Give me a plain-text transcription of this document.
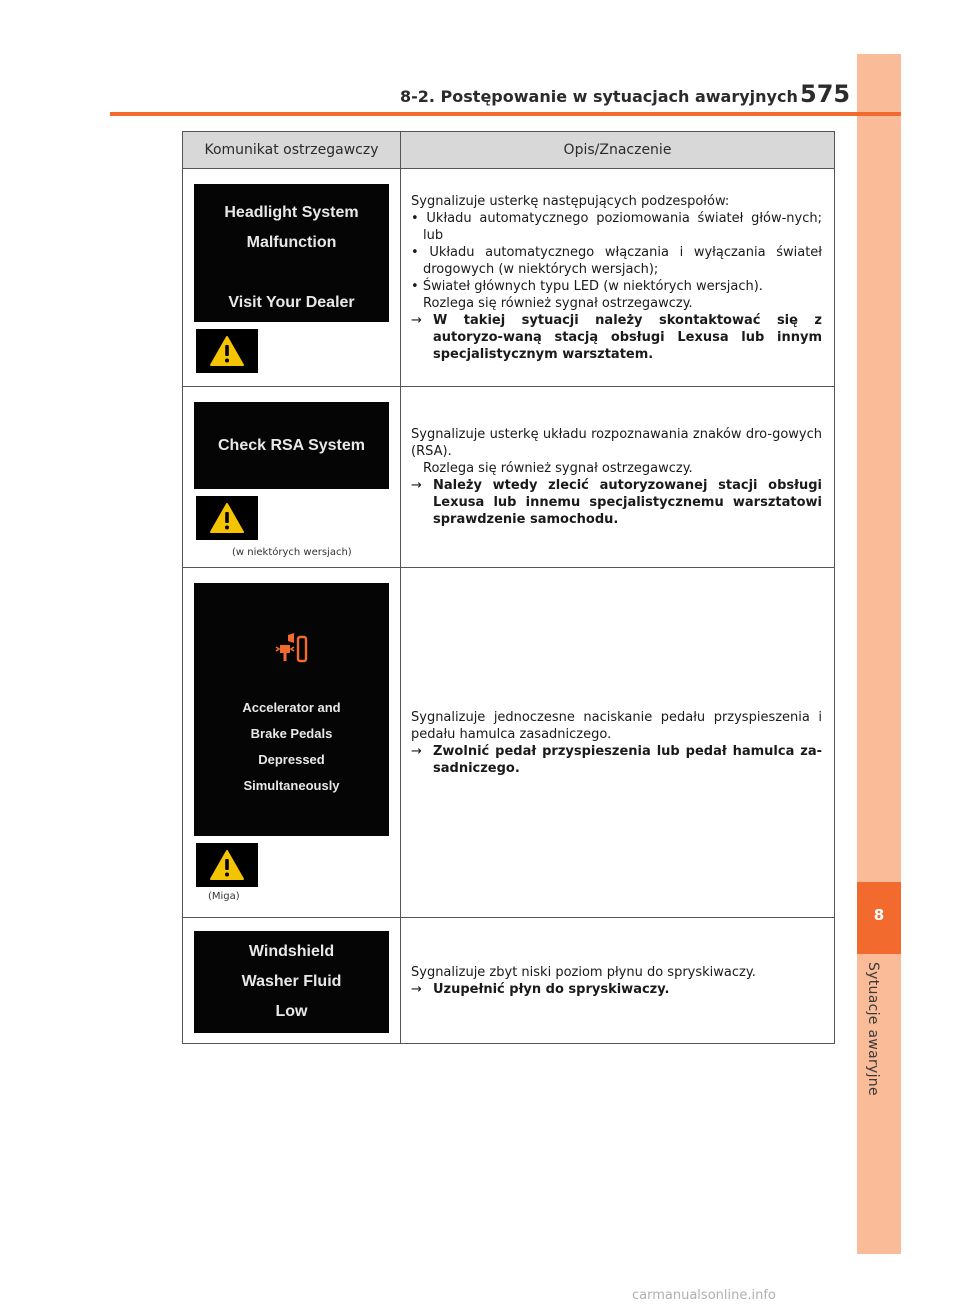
8
Sytuacje awaryjne
8-2. Postępowanie w sytuacjach awaryjnych 575
Komunikat ostrzegawczy	Opis/Znaczenie
Headlight System
Malfunction
Visit Your Dealer
Sygnalizuje usterkę następujących podzespołów:
• Układu automatycznego poziomowania świateł głów-nych; lub
• Układu automatycznego włączania i wyłączania świateł drogowych (w niektórych wersjach);
• Świateł głównych typu LED (w niektórych wersjach).
Rozlega się również sygnał ostrzegawczy.
→ W takiej sytuacji należy skontaktować się z autoryzo-waną stacją obsługi Lexusa lub innym specjalistycznym warsztatem.
Check RSA System
(w niektórych wersjach)
Sygnalizuje usterkę układu rozpoznawania znaków dro-gowych (RSA).
Rozlega się również sygnał ostrzegawczy.
→ Należy wtedy zlecić autoryzowanej stacji obsługi Lexusa lub innemu specjalistycznemu warsztatowi sprawdzenie samochodu.
Accelerator and
Brake Pedals
Depressed
Simultaneously
(Miga)
Sygnalizuje jednoczesne naciskanie pedału przyspieszenia i pedału hamulca zasadniczego.
→ Zwolnić pedał przyspieszenia lub pedał hamulca za-sadniczego.
Windshield
Washer Fluid
Low
Sygnalizuje zbyt niski poziom płynu do spryskiwaczy.
→ Uzupełnić płyn do spryskiwaczy.
carmanualsonline.info
